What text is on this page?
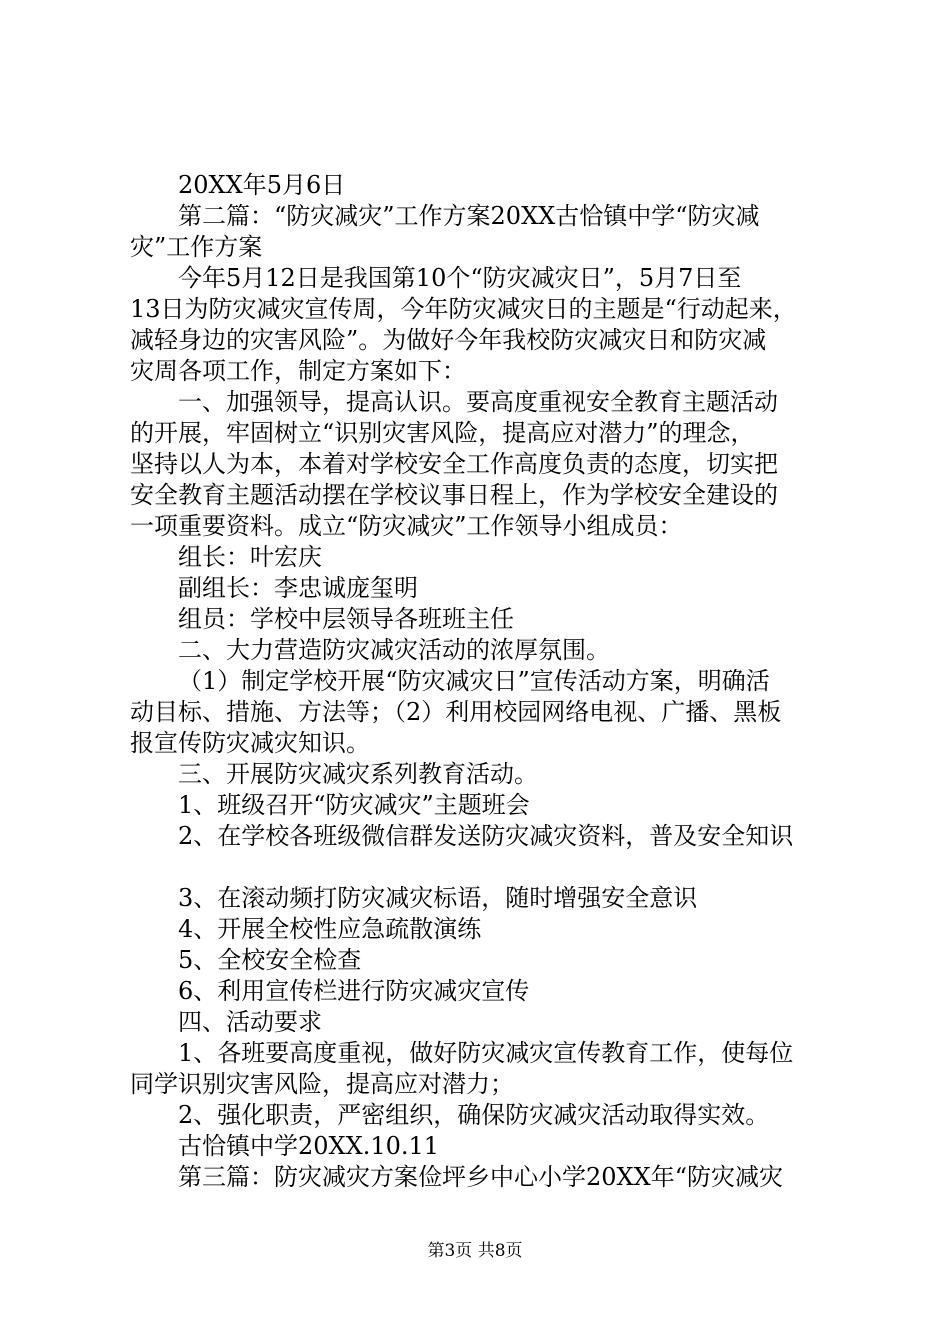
20XX年5月6日
第二篇：“防灾减灾”工作方案20XX古恰镇中学“防灾减
灾”工作方案
今年5月12日是我国第10个“防灾减灾日”，5月7日至
13日为防灾减灾宣传周，今年防灾减灾日的主题是“行动起来，
减轻身边的灾害风险”。为做好今年我校防灾减灾日和防灾减
灾周各项工作，制定方案如下：
一、加强领导，提高认识。要高度重视安全教育主题活动
的开展，牢固树立“识别灾害风险，提高应对潜力”的理念，
坚持以人为本，本着对学校安全工作高度负责的态度，切实把
安全教育主题活动摆在学校议事日程上，作为学校安全建设的
一项重要资料。成立“防灾减灾”工作领导小组成员：
组长：叶宏庆
副组长：李忠诚庞玺明
组员：学校中层领导各班班主任
二、大力营造防灾减灾活动的浓厚氛围。
（1）制定学校开展“防灾减灾日”宣传活动方案，明确活
动目标、措施、方法等；（2）利用校园网络电视、广播、黑板
报宣传防灾减灾知识。
三、开展防灾减灾系列教育活动。
1、班级召开“防灾减灾”主题班会
2、在学校各班级微信群发送防灾减灾资料，普及安全知识
3、在滚动频打防灾减灾标语，随时增强安全意识
4、开展全校性应急疏散演练
5、全校安全检查
6、利用宣传栏进行防灾减灾宣传
四、活动要求
1、各班要高度重视，做好防灾减灾宣传教育工作，使每位
同学识别灾害风险，提高应对潜力；
2、强化职责，严密组织，确保防灾减灾活动取得实效。
古恰镇中学20XX.10.11
第三篇：防灾减灾方案俭坪乡中心小学20XX年“防灾减灾
第3页 共8页
